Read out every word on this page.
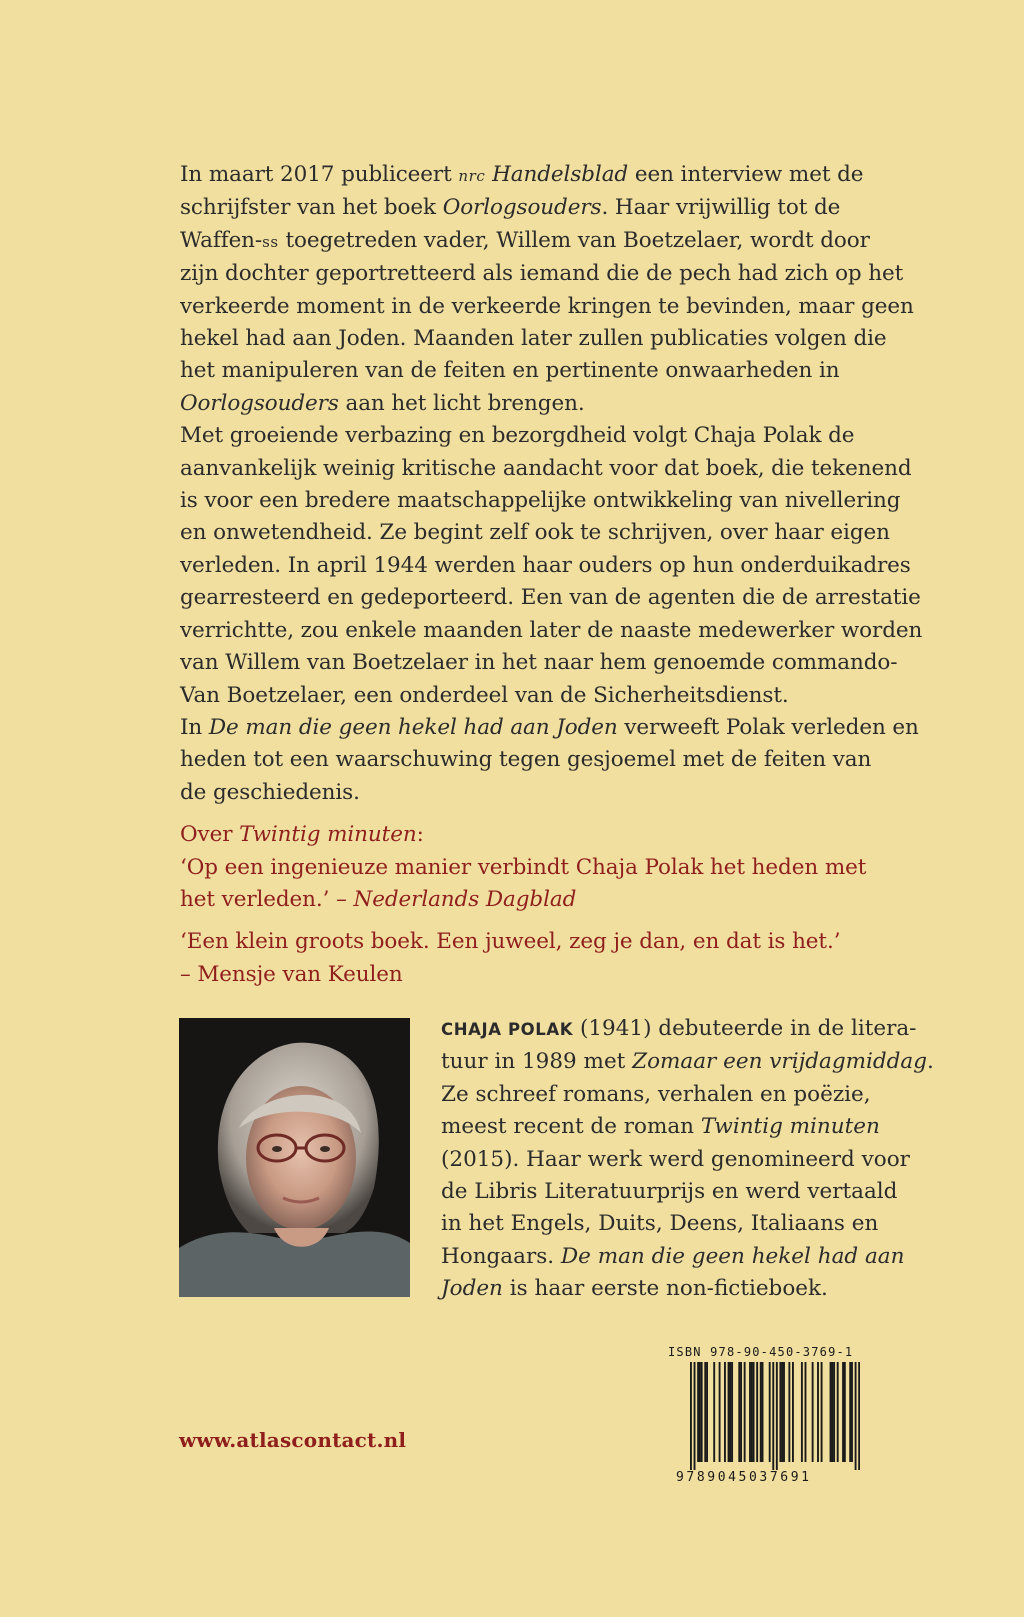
In maart 2017 publiceert nrc Handelsblad een interview met de
schrijfster van het boek Oorlogsouders. Haar vrijwillig tot de
Waffen-ss toegetreden vader, Willem van Boetzelaer, wordt door
zijn dochter geportretteerd als iemand die de pech had zich op het
verkeerde moment in de verkeerde kringen te bevinden, maar geen
hekel had aan Joden. Maanden later zullen publicaties volgen die
het manipuleren van de feiten en pertinente onwaarheden in
Oorlogsouders aan het licht brengen.
Met groeiende verbazing en bezorgdheid volgt Chaja Polak de
aanvankelijk weinig kritische aandacht voor dat boek, die tekenend
is voor een bredere maatschappelijke ontwikkeling van nivellering
en onwetendheid. Ze begint zelf ook te schrijven, over haar eigen
verleden. In april 1944 werden haar ouders op hun onderduikadres
gearresteerd en gedeporteerd. Een van de agenten die de arrestatie
verrichtte, zou enkele maanden later de naaste medewerker worden
van Willem van Boetzelaer in het naar hem genoemde commando-
Van Boetzelaer, een onderdeel van de Sicherheitsdienst.
In De man die geen hekel had aan Joden verweeft Polak verleden en
heden tot een waarschuwing tegen gesjoemel met de feiten van
de geschiedenis.
Over Twintig minuten:
‘Op een ingenieuze manier verbindt Chaja Polak het heden met
het verleden.’ – Nederlands Dagblad
‘Een klein groots boek. Een juweel, zeg je dan, en dat is het.’
– Mensje van Keulen
CHAJA POLAK (1941) debuteerde in de litera-
tuur in 1989 met Zomaar een vrijdagmiddag.
Ze schreef romans, verhalen en poëzie,
meest recent de roman Twintig minuten
(2015). Haar werk werd genomineerd voor
de Libris Literatuurprijs en werd vertaald
in het Engels, Duits, Deens, Italiaans en
Hongaars. De man die geen hekel had aan
Joden is haar eerste non-fictieboek.
www.atlascontact.nl
ISBN 978-90-450-3769-1
9789045037691
